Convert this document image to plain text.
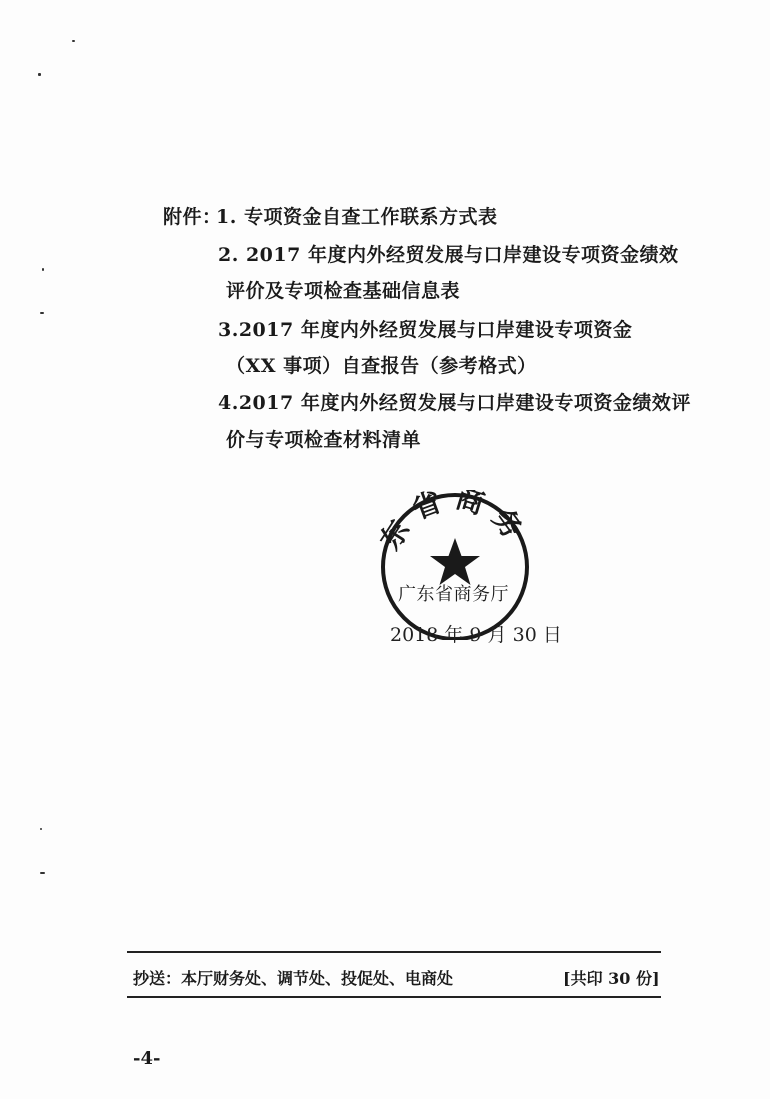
附件：
1. 专项资金自查工作联系方式表
2. 2017 年度内外经贸发展与口岸建设专项资金绩效
评价及专项检查基础信息表
3.2017 年度内外经贸发展与口岸建设专项资金
（XX 事项）自查报告（参考格式）
4.2017 年度内外经贸发展与口岸建设专项资金绩效评
价与专项检查材料清单
东省商务
广东省商务厅
2018 年 9 月 30 日
抄送：本厅财务处、调节处、投促处、电商处	[共印 30 份]
-4-
